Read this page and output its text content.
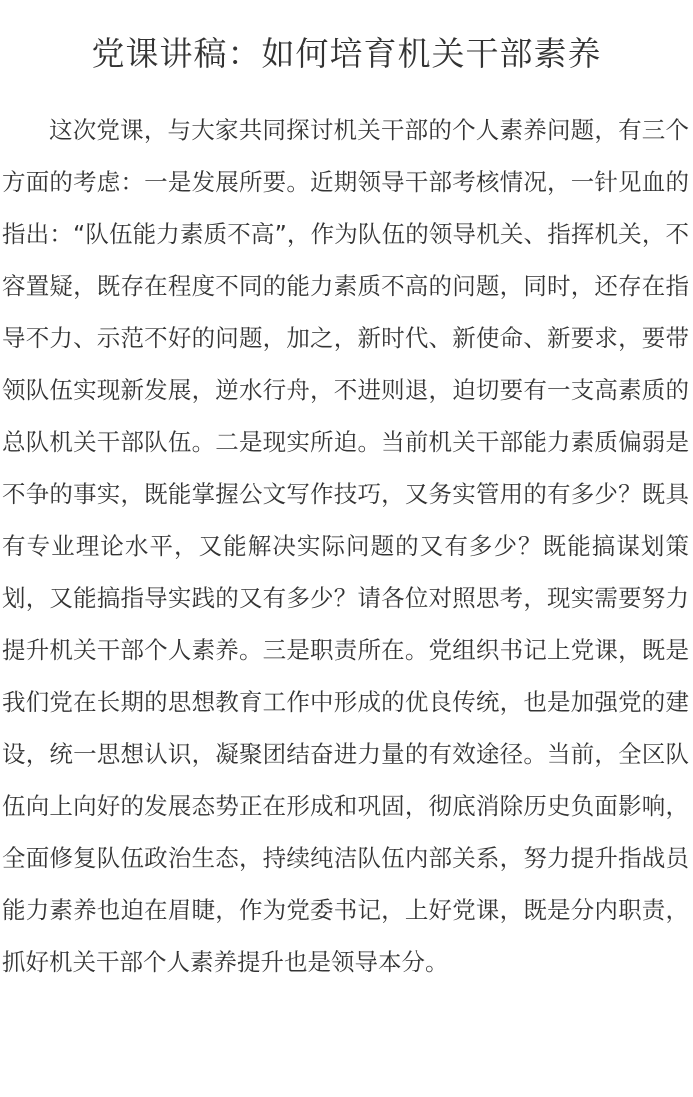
党课讲稿：如何培育机关干部素养

这次党课，与大家共同探讨机关干部的个人素养问题，有三个方面的考虑：一是发展所要。近期领导干部考核情况，一针见血的指出：“队伍能力素质不高”，作为队伍的领导机关、指挥机关，不容置疑，既存在程度不同的能力素质不高的问题，同时，还存在指导不力、示范不好的问题，加之，新时代、新使命、新要求，要带领队伍实现新发展，逆水行舟，不进则退，迫切要有一支高素质的总队机关干部队伍。二是现实所迫。当前机关干部能力素质偏弱是不争的事实，既能掌握公文写作技巧，又务实管用的有多少？既具有专业理论水平，又能解决实际问题的又有多少？既能搞谋划策划，又能搞指导实践的又有多少？请各位对照思考，现实需要努力提升机关干部个人素养。三是职责所在。党组织书记上党课，既是我们党在长期的思想教育工作中形成的优良传统，也是加强党的建设，统一思想认识，凝聚团结奋进力量的有效途径。当前，全区队伍向上向好的发展态势正在形成和巩固，彻底消除历史负面影响，全面修复队伍政治生态，持续纯洁队伍内部关系，努力提升指战员能力素养也迫在眉睫，作为党委书记，上好党课，既是分内职责，抓好机关干部个人素养提升也是领导本分。
